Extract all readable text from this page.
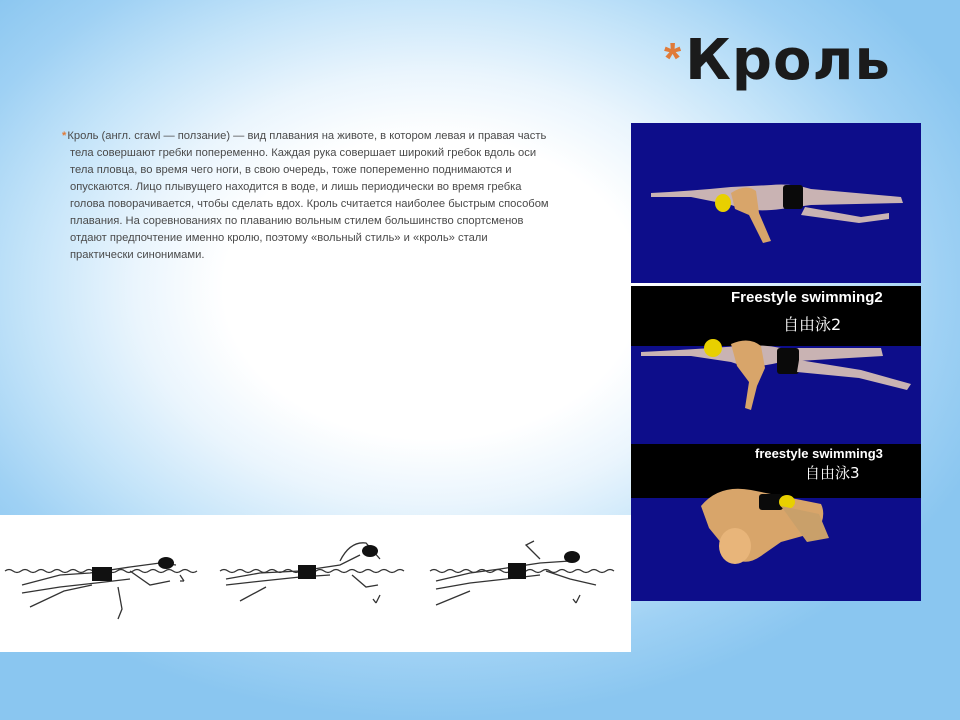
* Кроль
*Кроль (англ. crawl — ползание) — вид плавания на животе, в котором левая и правая часть тела совершают гребки попеременно. Каждая рука совершает широкий гребок вдоль оси тела пловца, во время чего ноги, в свою очередь, тоже попеременно поднимаются и опускаются. Лицо плывущего находится в воде, и лишь периодически во время гребка голова поворачивается, чтобы сделать вдох. Кроль считается наиболее быстрым способом плавания. На соревнованиях по плаванию вольным стилем большинство спортсменов отдают предпочтение именно кролю, поэтому «вольный стиль» и «кроль» стали практически синонимами.
Freestyle swimming2
自由泳2
freestyle swimming3
自由泳3
